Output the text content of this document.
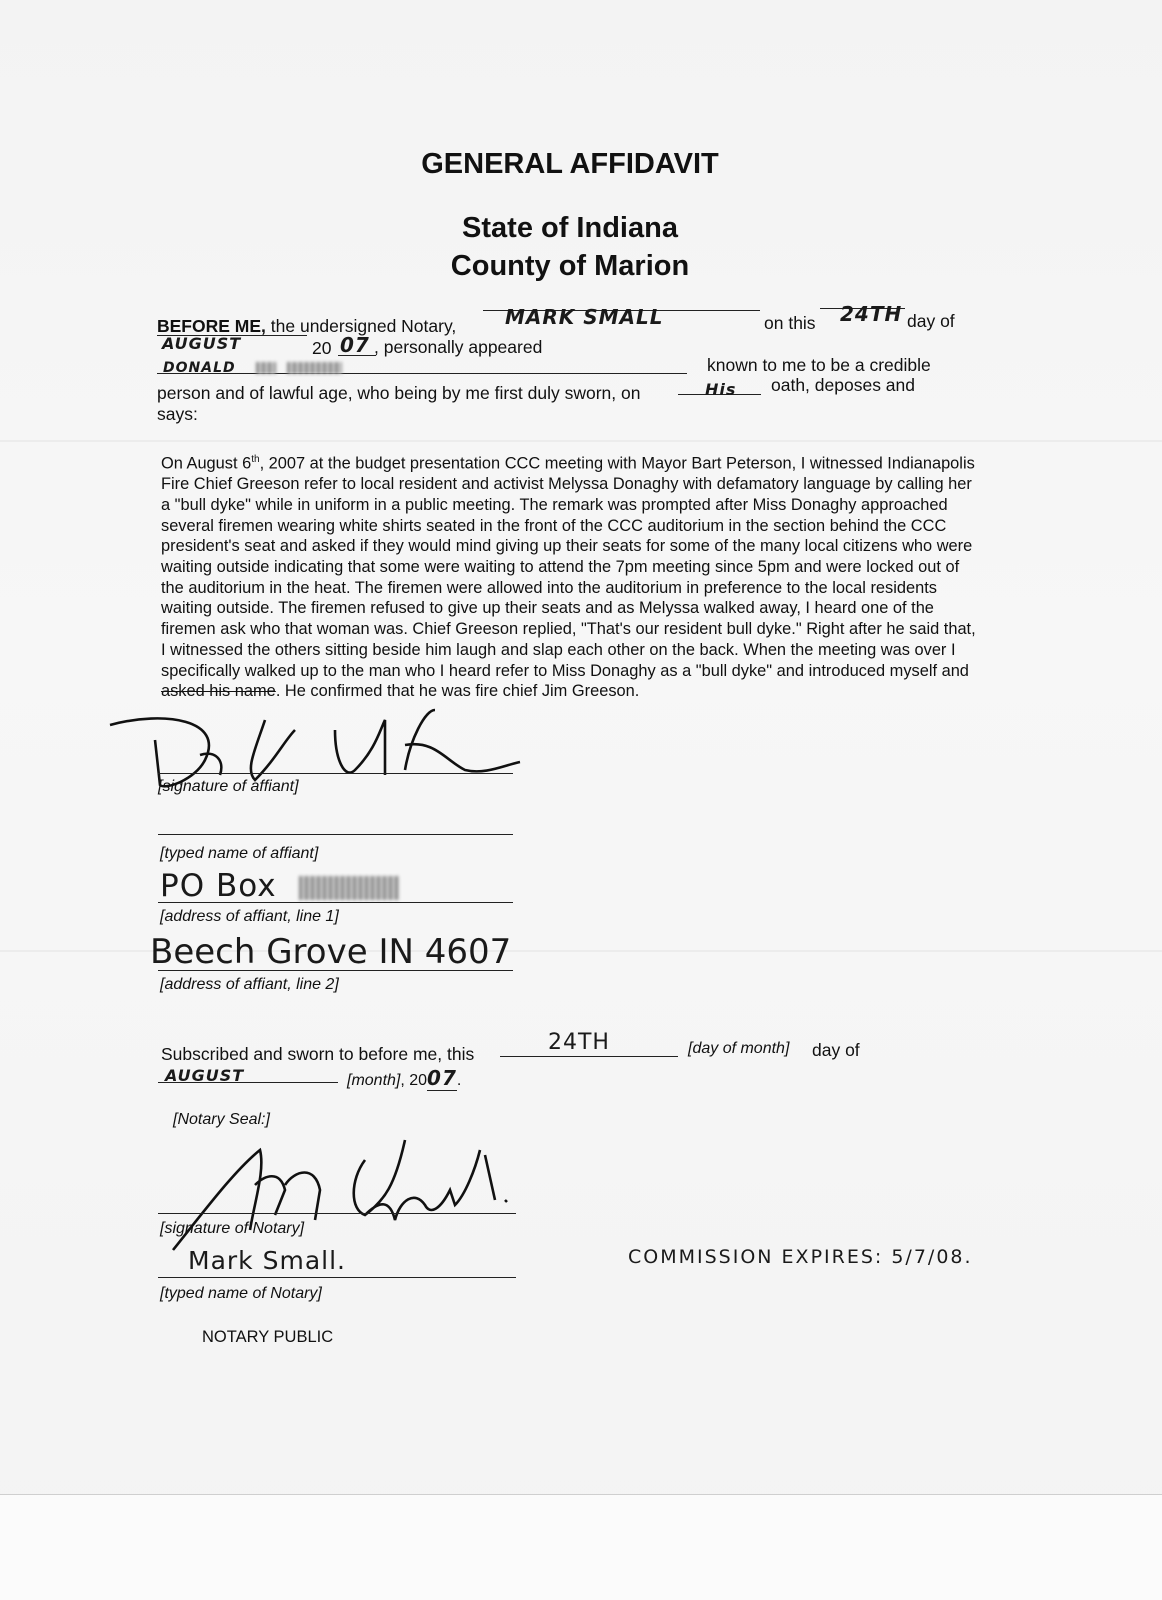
GENERAL AFFIDAVIT

State of Indiana

County of Marion

BEFORE ME, the undersigned Notary, MARK SMALL	on this 24TH day of
AUGUST	20 07 , personally appeared
DONALD	known to me to be a credible
person and of lawful age, who being by me first duly sworn, on	His oath, deposes and
says:
On August 6th, 2007 at the budget presentation CCC meeting with Mayor Bart Peterson, I witnessed Indianapolis Fire Chief Greeson refer to local resident and activist Melyssa Donaghy with defamatory language by calling her a "bull dyke" while in uniform in a public meeting. The remark was prompted after Miss Donaghy approached several firemen wearing white shirts seated in the front of the CCC auditorium in the section behind the CCC president's seat and asked if they would mind giving up their seats for some of the many local citizens who were waiting outside indicating that some were waiting to attend the 7pm meeting since 5pm and were locked out of the auditorium in the heat. The firemen were allowed into the auditorium in preference to the local residents waiting outside. The firemen refused to give up their seats and as Melyssa walked away, I heard one of the firemen ask who that woman was. Chief Greeson replied, "That's our resident bull dyke." Right after he said that, I witnessed the others sitting beside him laugh and slap each other on the back. When the meeting was over I specifically walked up to the man who I heard refer to Miss Donaghy as a "bull dyke" and introduced myself and asked his name. He confirmed that he was fire chief Jim Greeson.
[signature of affiant]
[typed name of affiant]
PO Box
[address of affiant, line 1]
Beech Grove IN 4607
[address of affiant, line 2]
Subscribed and sworn to before me, this	24TH	[day of month] day of
AUGUST	[month], 2007.
[Notary Seal:]
[signature of Notary]
Mark Small.
[typed name of Notary]
NOTARY PUBLIC
COMMISSION EXPIRES: 5/7/08.
